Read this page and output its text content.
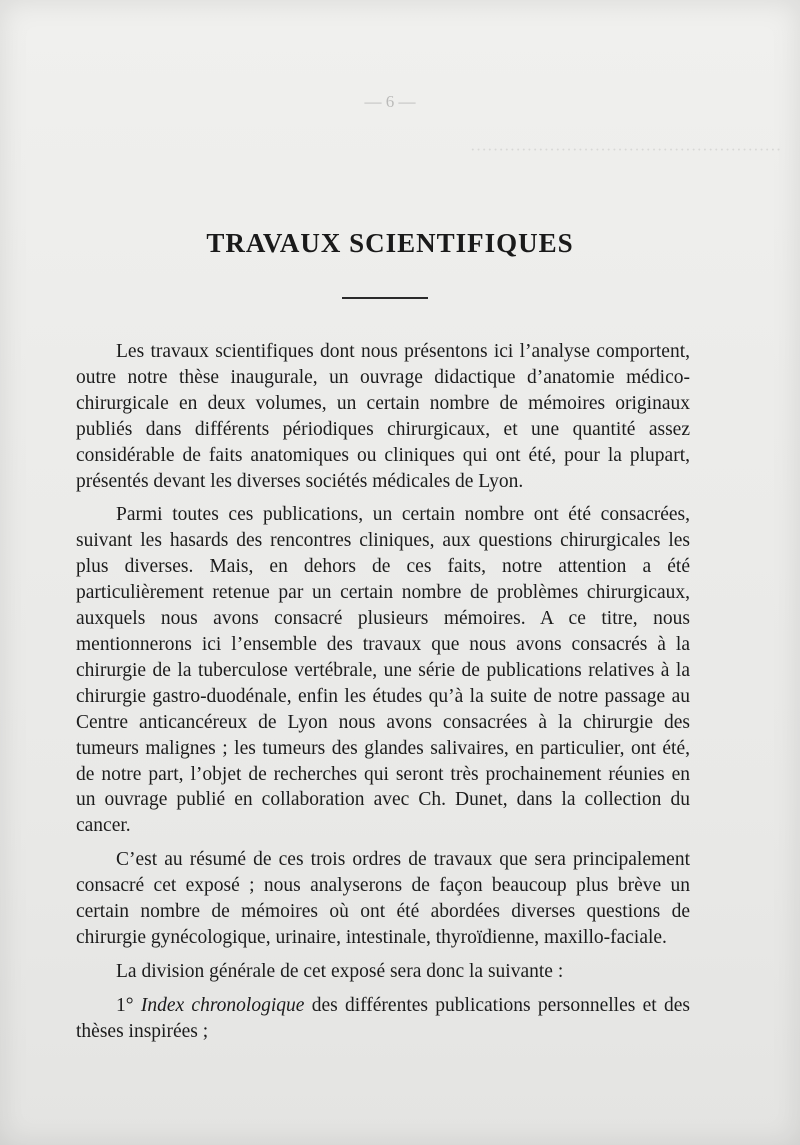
·······················································
— 6 —
TRAVAUX SCIENTIFIQUES

Les travaux scientifiques dont nous présentons ici l’analyse comportent, outre notre thèse inaugurale, un ouvrage didactique d’anatomie médico-chirurgicale en deux volumes, un certain nombre de mémoires originaux publiés dans différents périodiques chirurgicaux, et une quantité assez considérable de faits anatomiques ou cliniques qui ont été, pour la plupart, présentés devant les diverses sociétés médicales de Lyon.

Parmi toutes ces publications, un certain nombre ont été consacrées, suivant les hasards des rencontres cliniques, aux questions chirurgicales les plus diverses. Mais, en dehors de ces faits, notre attention a été particulièrement retenue par un certain nombre de problèmes chirurgicaux, auxquels nous avons consacré plusieurs mémoires. A ce titre, nous mentionnerons ici l’ensemble des travaux que nous avons consacrés à la chirurgie de la tuberculose vertébrale, une série de publications relatives à la chirurgie gastro-duodénale, enfin les études qu’à la suite de notre passage au Centre anticancéreux de Lyon nous avons consacrées à la chirurgie des tumeurs malignes ; les tumeurs des glandes salivaires, en particulier, ont été, de notre part, l’objet de recherches qui seront très prochainement réunies en un ouvrage publié en collaboration avec Ch. Dunet, dans la collection du cancer.

C’est au résumé de ces trois ordres de travaux que sera principalement consacré cet exposé ; nous analyserons de façon beaucoup plus brève un certain nombre de mémoires où ont été abordées diverses questions de chirurgie gynécologique, urinaire, intestinale, thyroïdienne, maxillo-faciale.

La division générale de cet exposé sera donc la suivante :

1° Index chronologique des différentes publications personnelles et des thèses inspirées ;
